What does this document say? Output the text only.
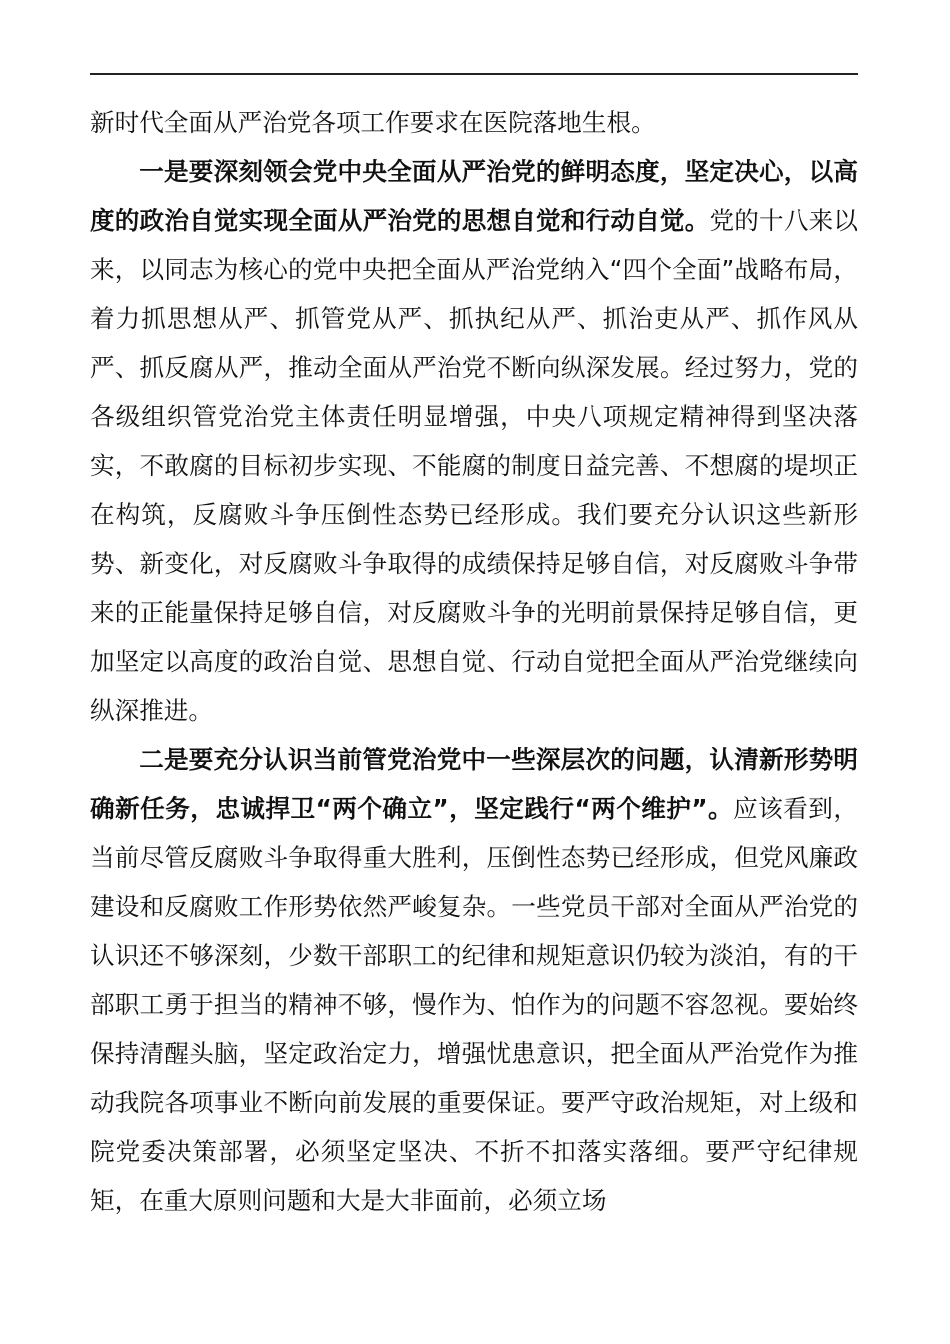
新时代全面从严治党各项工作要求在医院落地生根。

一是要深刻领会党中央全面从严治党的鲜明态度，坚定决心，以高度的政治自觉实现全面从严治党的思想自觉和行动自觉。党的十八来以来，以同志为核心的党中央把全面从严治党纳入“四个全面”战略布局，着力抓思想从严、抓管党从严、抓执纪从严、抓治吏从严、抓作风从严、抓反腐从严，推动全面从严治党不断向纵深发展。经过努力，党的各级组织管党治党主体责任明显增强，中央八项规定精神得到坚决落实，不敢腐的目标初步实现、不能腐的制度日益完善、不想腐的堤坝正在构筑，反腐败斗争压倒性态势已经形成。我们要充分认识这些新形势、新变化，对反腐败斗争取得的成绩保持足够自信，对反腐败斗争带来的正能量保持足够自信，对反腐败斗争的光明前景保持足够自信，更加坚定以高度的政治自觉、思想自觉、行动自觉把全面从严治党继续向纵深推进。

二是要充分认识当前管党治党中一些深层次的问题，认清新形势明确新任务，忠诚捍卫“两个确立”，坚定践行“两个维护”。应该看到，当前尽管反腐败斗争取得重大胜利，压倒性态势已经形成，但党风廉政建设和反腐败工作形势依然严峻复杂。一些党员干部对全面从严治党的认识还不够深刻，少数干部职工的纪律和规矩意识仍较为淡泊，有的干部职工勇于担当的精神不够，慢作为、怕作为的问题不容忽视。要始终保持清醒头脑，坚定政治定力，增强忧患意识，把全面从严治党作为推动我院各项事业不断向前发展的重要保证。要严守政治规矩，对上级和院党委决策部署，必须坚定坚决、不折不扣落实落细。要严守纪律规矩，在重大原则问题和大是大非面前，必须立场
